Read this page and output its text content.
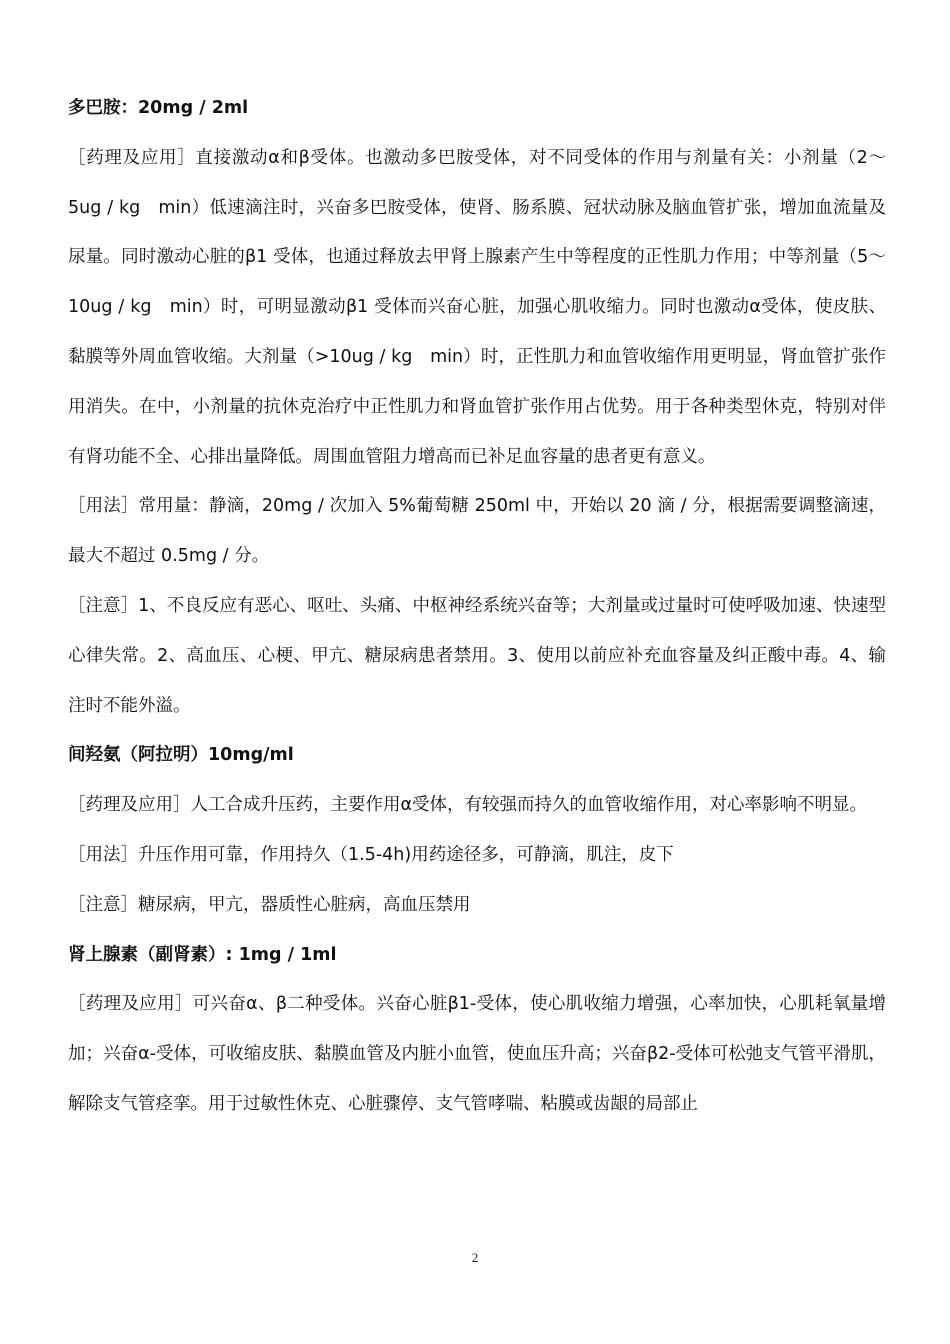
多巴胺：20mg / 2ml

［药理及应用］直接激动α和β受体。也激动多巴胺受体，对不同受体的作用与剂量有关：小剂量（2～5ug / kg　min）低速滴注时，兴奋多巴胺受体，使肾、肠系膜、冠状动脉及脑血管扩张，增加血流量及尿量。同时激动心脏的β1 受体，也通过释放去甲肾上腺素产生中等程度的正性肌力作用；中等剂量（5～10ug / kg　min）时，可明显激动β1 受体而兴奋心脏，加强心肌收缩力。同时也激动α受体，使皮肤、黏膜等外周血管收缩。大剂量（>10ug / kg　min）时，正性肌力和血管收缩作用更明显，肾血管扩张作用消失。在中，小剂量的抗休克治疗中正性肌力和肾血管扩张作用占优势。用于各种类型休克，特别对伴有肾功能不全、心排出量降低。周围血管阻力增高而已补足血容量的患者更有意义。

［用法］常用量：静滴，20mg / 次加入 5%葡萄糖 250ml 中，开始以 20 滴 / 分，根据需要调整滴速，最大不超过 0.5mg / 分。

［注意］1、不良反应有恶心、呕吐、头痛、中枢神经系统兴奋等；大剂量或过量时可使呼吸加速、快速型心律失常。2、高血压、心梗、甲亢、糖尿病患者禁用。3、使用以前应补充血容量及纠正酸中毒。4、输注时不能外溢。

间羟氨（阿拉明）10mg/ml

［药理及应用］人工合成升压药，主要作用α受体，有较强而持久的血管收缩作用，对心率影响不明显。

［用法］升压作用可靠，作用持久（1.5-4h)用药途径多，可静滴，肌注，皮下

［注意］糖尿病，甲亢，器质性心脏病，高血压禁用

肾上腺素（副肾素）: 1mg / 1ml

［药理及应用］可兴奋α、β二种受体。兴奋心脏β1-受体，使心肌收缩力增强，心率加快，心肌耗氧量增加；兴奋α-受体，可收缩皮肤、黏膜血管及内脏小血管，使血压升高；兴奋β2-受体可松弛支气管平滑肌，解除支气管痉挛。用于过敏性休克、心脏骤停、支气管哮喘、粘膜或齿龈的局部止

2
